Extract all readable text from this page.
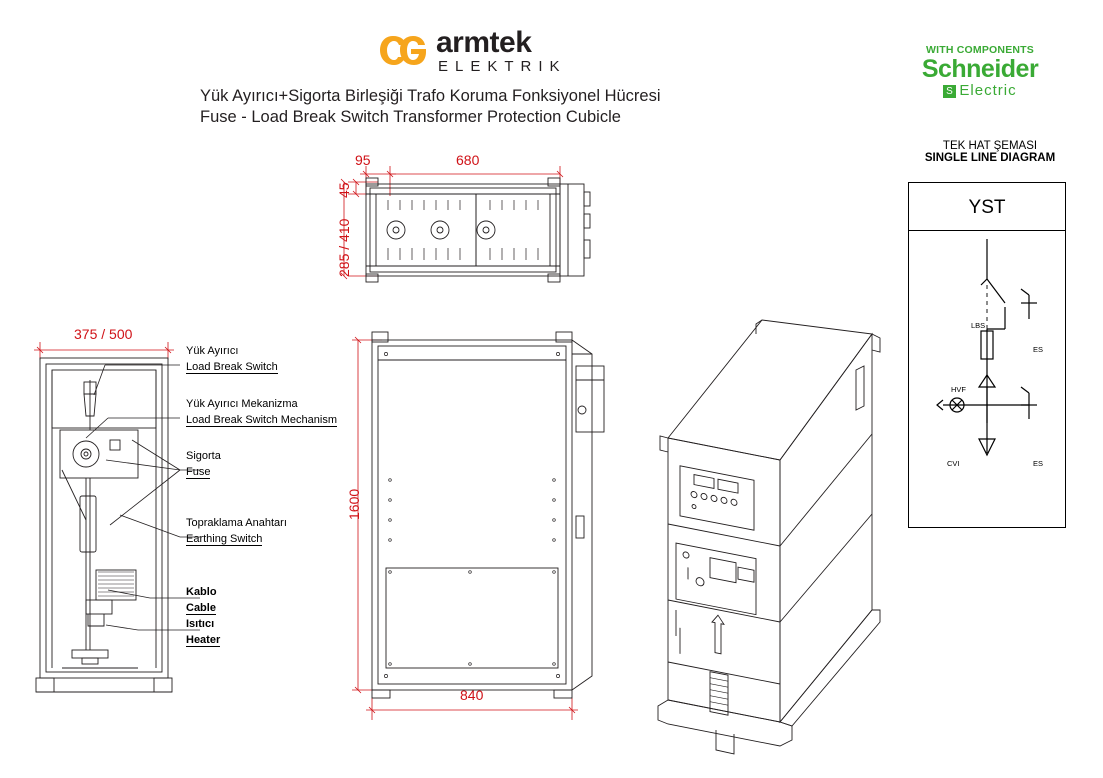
armtek
ELEKTRIK
Yük Ayırıcı+Sigorta Birleşiği Trafo Koruma Fonksiyonel Hücresi
Fuse - Load Break Switch Transformer Protection Cubicle
WITH COMPONENTS
Schneider
S Electric
95	680
45
285 / 410
375 / 500
Yük Ayırıcı
Load Break Switch
Yük Ayırıcı Mekanizma
Load Break Switch Mechanism
Sigorta
Fuse
Topraklama Anahtarı
Earthing Switch
Kablo
Cable
Isıtıcı
Heater
1600
840
TEK HAT ŞEMASI
SINGLE LINE DIAGRAM
YST
LBS
ES
HVF
CVI	ES
